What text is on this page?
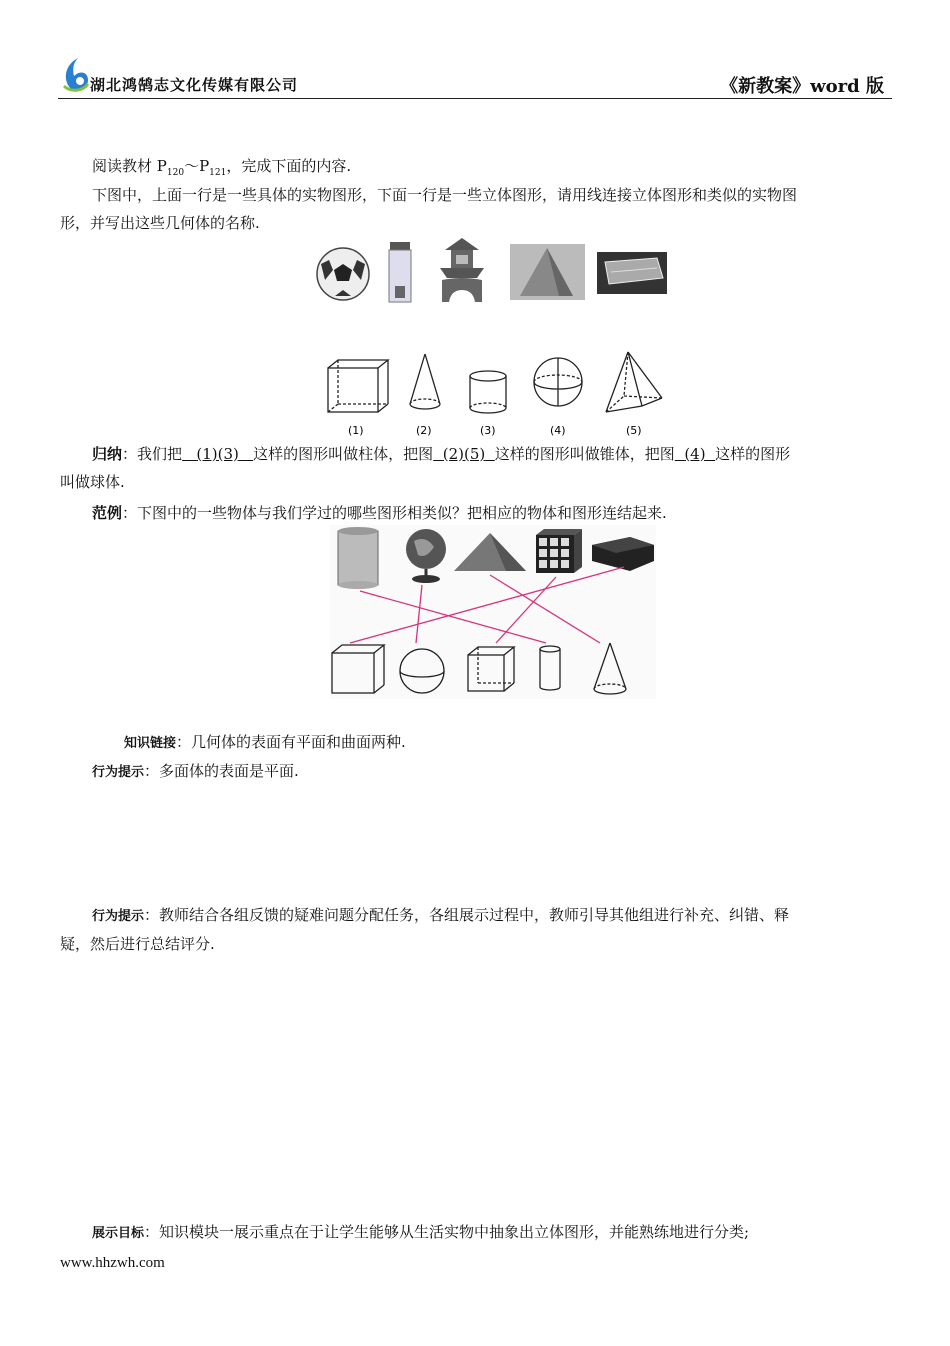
湖北鸿鹄志文化传媒有限公司	《新教案》word 版
阅读教材 $P_{120}\sim P_{121}$，完成下面的内容.
下图中，上面一行是一些具体的实物图形，下面一行是一些立体图形，请用线连接立体图形和类似的实物图
形，并写出这些几何体的名称.
(1)	(2)	(3)	(4)	(5)
归纳：我们把 (1)(3) 这样的图形叫做柱体，把图 (2)(5) 这样的图形叫做锥体，把图 (4) 这样的图形
叫做球体.
范例：下图中的一些物体与我们学过的哪些图形相类似？把相应的物体和图形连结起来.
知识链接：几何体的表面有平面和曲面两种.
行为提示：多面体的表面是平面.
行为提示：教师结合各组反馈的疑难问题分配任务，各组展示过程中，教师引导其他组进行补充、纠错、释
疑，然后进行总结评分.
展示目标：知识模块一展示重点在于让学生能够从生活实物中抽象出立体图形，并能熟练地进行分类;
www.hhzwh.com
